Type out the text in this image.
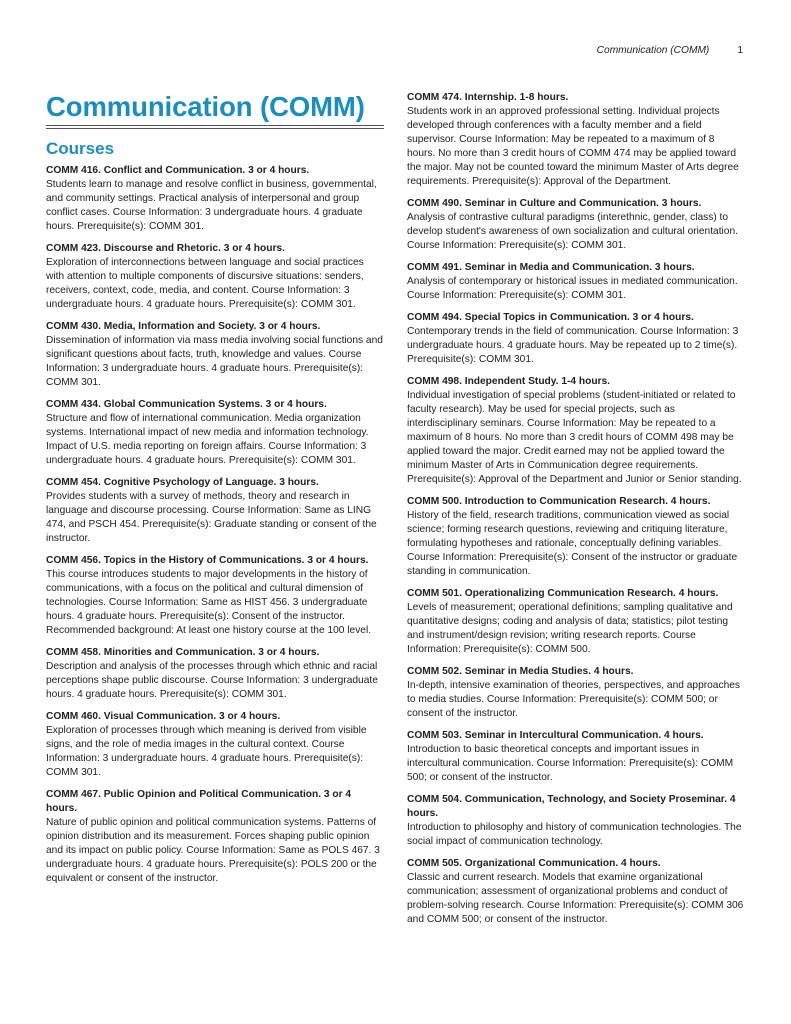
Communication (COMM)	1
Communication (COMM)
Courses
COMM 416. Conflict and Communication. 3 or 4 hours.
Students learn to manage and resolve conflict in business, governmental, and community settings. Practical analysis of interpersonal and group conflict cases. Course Information: 3 undergraduate hours. 4 graduate hours. Prerequisite(s): COMM 301.
COMM 423. Discourse and Rhetoric. 3 or 4 hours.
Exploration of interconnections between language and social practices with attention to multiple components of discursive situations: senders, receivers, context, code, media, and content. Course Information: 3 undergraduate hours. 4 graduate hours. Prerequisite(s): COMM 301.
COMM 430. Media, Information and Society. 3 or 4 hours.
Dissemination of information via mass media involving social functions and significant questions about facts, truth, knowledge and values. Course Information: 3 undergraduate hours. 4 graduate hours. Prerequisite(s): COMM 301.
COMM 434. Global Communication Systems. 3 or 4 hours.
Structure and flow of international communication. Media organization systems. International impact of new media and information technology. Impact of U.S. media reporting on foreign affairs. Course Information: 3 undergraduate hours. 4 graduate hours. Prerequisite(s): COMM 301.
COMM 454. Cognitive Psychology of Language. 3 hours.
Provides students with a survey of methods, theory and research in language and discourse processing. Course Information: Same as LING 474, and PSCH 454. Prerequisite(s): Graduate standing or consent of the instructor.
COMM 456. Topics in the History of Communications. 3 or 4 hours.
This course introduces students to major developments in the history of communications, with a focus on the political and cultural dimension of technologies. Course Information: Same as HIST 456. 3 undergraduate hours. 4 graduate hours. Prerequisite(s): Consent of the instructor. Recommended background: At least one history course at the 100 level.
COMM 458. Minorities and Communication. 3 or 4 hours.
Description and analysis of the processes through which ethnic and racial perceptions shape public discourse. Course Information: 3 undergraduate hours. 4 graduate hours. Prerequisite(s): COMM 301.
COMM 460. Visual Communication. 3 or 4 hours.
Exploration of processes through which meaning is derived from visible signs, and the role of media images in the cultural context. Course Information: 3 undergraduate hours. 4 graduate hours. Prerequisite(s): COMM 301.
COMM 467. Public Opinion and Political Communication. 3 or 4 hours.
Nature of public opinion and political communication systems. Patterns of opinion distribution and its measurement. Forces shaping public opinion and its impact on public policy. Course Information: Same as POLS 467. 3 undergraduate hours. 4 graduate hours. Prerequisite(s): POLS 200 or the equivalent or consent of the instructor.
COMM 474. Internship. 1-8 hours.
Students work in an approved professional setting. Individual projects developed through conferences with a faculty member and a field supervisor. Course Information: May be repeated to a maximum of 8 hours. No more than 3 credit hours of COMM 474 may be applied toward the major. May not be counted toward the minimum Master of Arts degree requirements. Prerequisite(s): Approval of the Department.
COMM 490. Seminar in Culture and Communication. 3 hours.
Analysis of contrastive cultural paradigms (interethnic, gender, class) to develop student's awareness of own socialization and cultural orientation. Course Information: Prerequisite(s): COMM 301.
COMM 491. Seminar in Media and Communication. 3 hours.
Analysis of contemporary or historical issues in mediated communication. Course Information: Prerequisite(s): COMM 301.
COMM 494. Special Topics in Communication. 3 or 4 hours.
Contemporary trends in the field of communication. Course Information: 3 undergraduate hours. 4 graduate hours. May be repeated up to 2 time(s). Prerequisite(s): COMM 301.
COMM 498. Independent Study. 1-4 hours.
Individual investigation of special problems (student-initiated or related to faculty research). May be used for special projects, such as interdisciplinary seminars. Course Information: May be repeated to a maximum of 8 hours. No more than 3 credit hours of COMM 498 may be applied toward the major. Credit earned may not be applied toward the minimum Master of Arts in Communication degree requirements. Prerequisite(s): Approval of the Department and Junior or Senior standing.
COMM 500. Introduction to Communication Research. 4 hours.
History of the field, research traditions, communication viewed as social science; forming research questions, reviewing and critiquing literature, formulating hypotheses and rationale, conceptually defining variables. Course Information: Prerequisite(s): Consent of the instructor or graduate standing in communication.
COMM 501. Operationalizing Communication Research. 4 hours.
Levels of measurement; operational definitions; sampling qualitative and quantitative designs; coding and analysis of data; statistics; pilot testing and instrument/design revision; writing research reports. Course Information: Prerequisite(s): COMM 500.
COMM 502. Seminar in Media Studies. 4 hours.
In-depth, intensive examination of theories, perspectives, and approaches to media studies. Course Information: Prerequisite(s): COMM 500; or consent of the instructor.
COMM 503. Seminar in Intercultural Communication. 4 hours.
Introduction to basic theoretical concepts and important issues in intercultural communication. Course Information: Prerequisite(s): COMM 500; or consent of the instructor.
COMM 504. Communication, Technology, and Society Proseminar. 4 hours.
Introduction to philosophy and history of communication technologies. The social impact of communication technology.
COMM 505. Organizational Communication. 4 hours.
Classic and current research. Models that examine organizational communication; assessment of organizational problems and conduct of problem-solving research. Course Information: Prerequisite(s): COMM 306 and COMM 500; or consent of the instructor.
